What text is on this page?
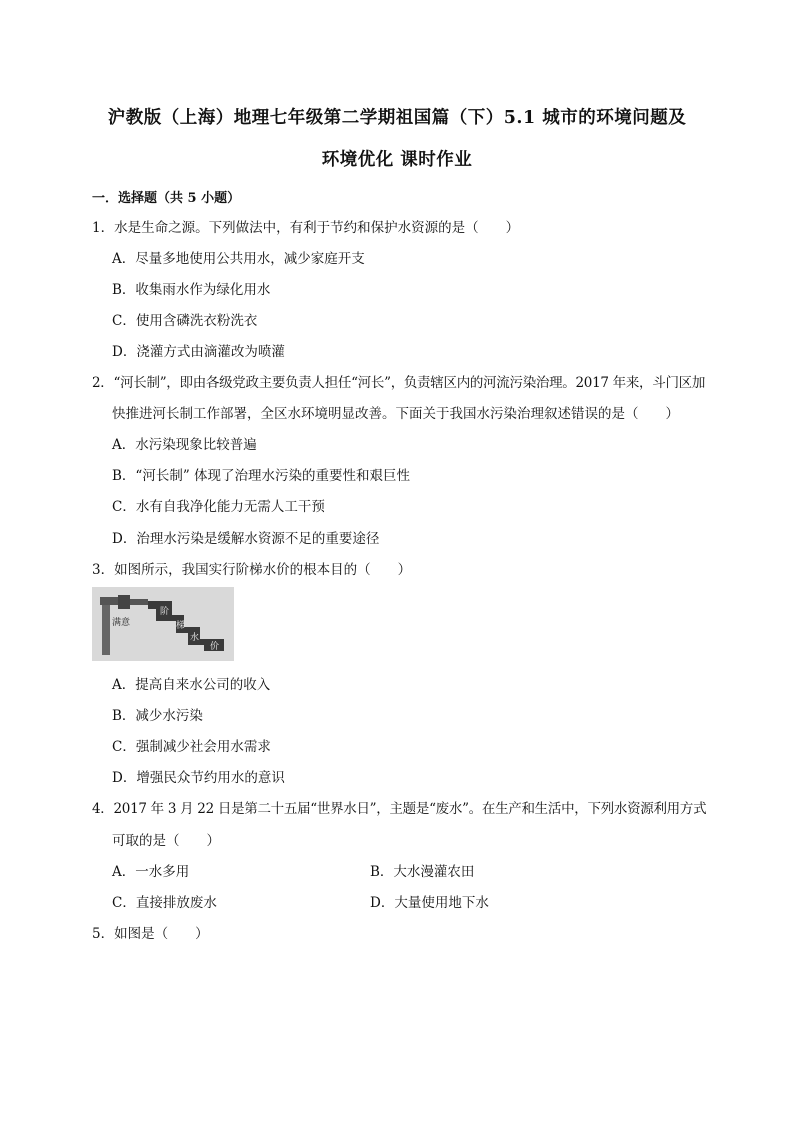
沪教版（上海）地理七年级第二学期祖国篇（下）5.1 城市的环境问题及
环境优化 课时作业

一．选择题（共 5 小题）

1．水是生命之源。下列做法中，有利于节约和保护水资源的是（　　）

A．尽量多地使用公共用水，减少家庭开支

B．收集雨水作为绿化用水

C．使用含磷洗衣粉洗衣

D．浇灌方式由滴灌改为喷灌

2．“河长制”，即由各级党政主要负责人担任“河长”，负责辖区内的河流污染治理。2017 年来，斗门区加

快推进河长制工作部署，全区水环境明显改善。下面关于我国水污染治理叙述错误的是（　　）

A．水污染现象比较普遍

B．“河长制” 体现了治理水污染的重要性和艰巨性

C．水有自我净化能力无需人工干预

D．治理水污染是缓解水资源不足的重要途径

3．如图所示，我国实行阶梯水价的根本目的（　　）

满意
阶
梯
水
价

A．提高自来水公司的收入

B．减少水污染

C．强制减少社会用水需求

D．增强民众节约用水的意识

4．2017 年 3 月 22 日是第二十五届“世界水日”，主题是“废水”。在生产和生活中，下列水资源利用方式

可取的是（　　）

A．一水多用	B．大水漫灌农田

C．直接排放废水	D．大量使用地下水

5．如图是（　　）
